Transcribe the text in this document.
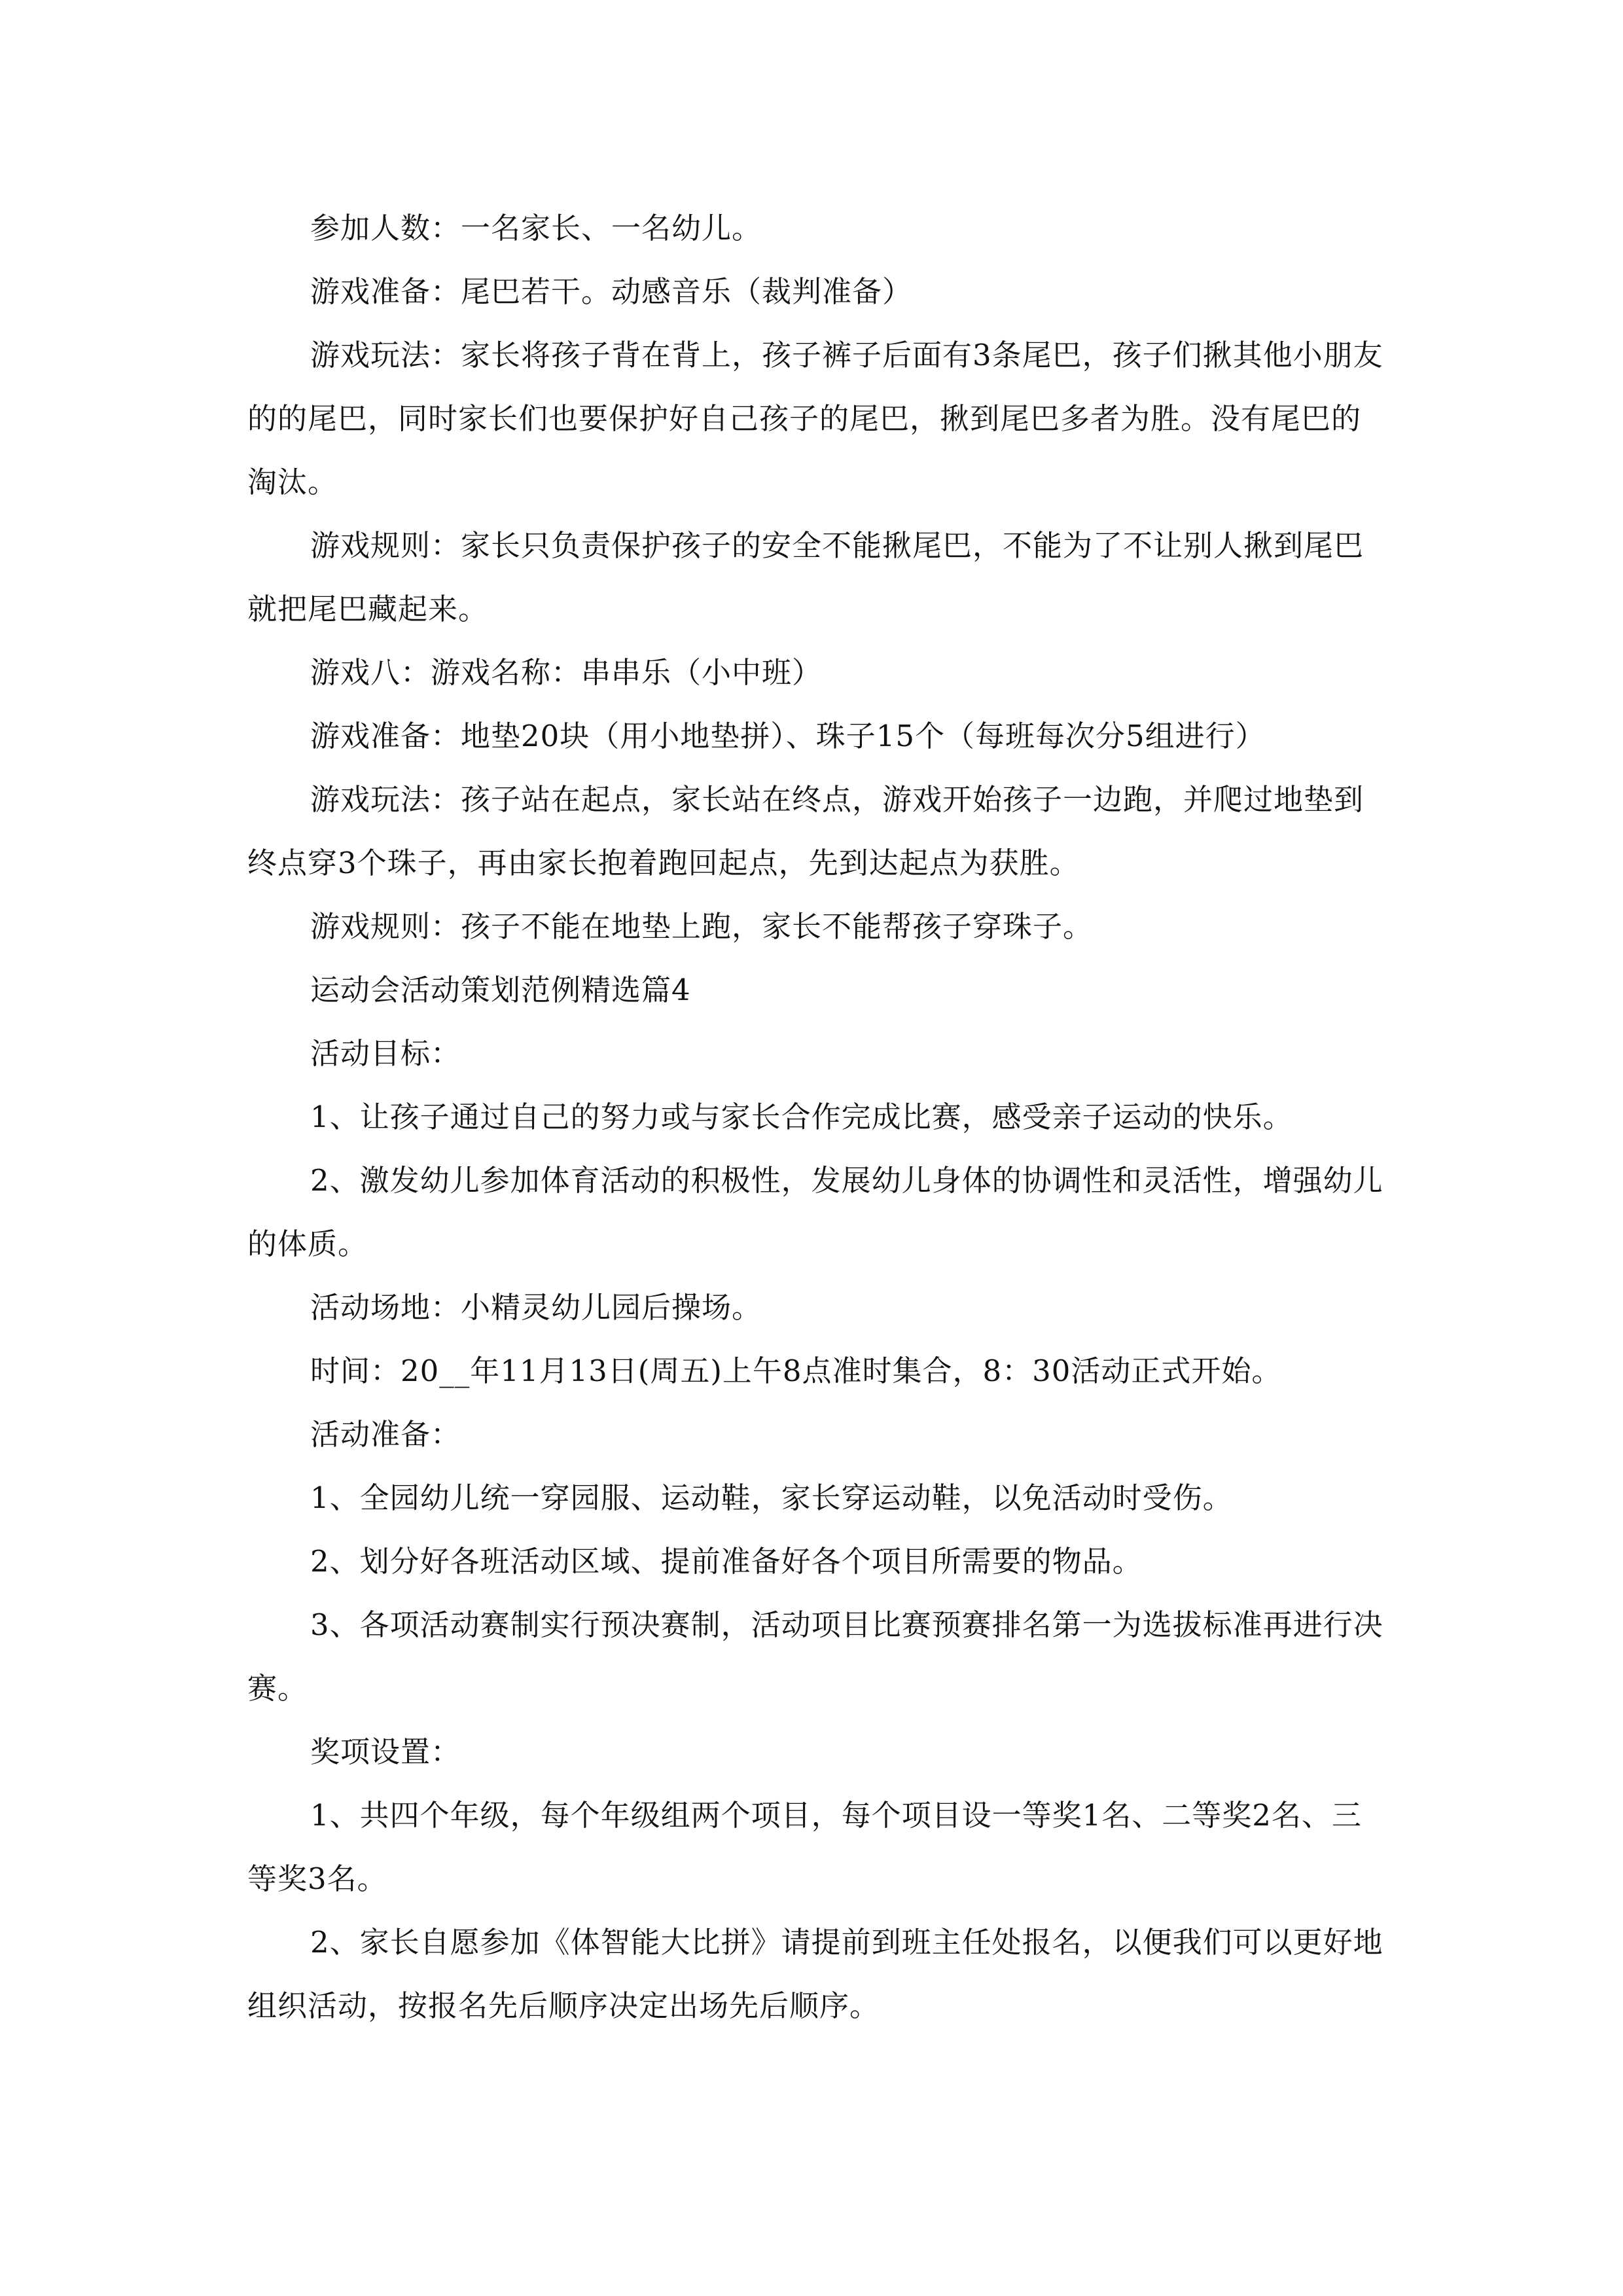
参加人数：一名家长、一名幼儿。

游戏准备：尾巴若干。动感音乐（裁判准备）

游戏玩法：家长将孩子背在背上，孩子裤子后面有3条尾巴，孩子们揪其他小朋友的的尾巴，同时家长们也要保护好自己孩子的尾巴，揪到尾巴多者为胜。没有尾巴的淘汰。

游戏规则：家长只负责保护孩子的安全不能揪尾巴，不能为了不让别人揪到尾巴就把尾巴藏起来。

游戏八：游戏名称：串串乐（小中班）

游戏准备：地垫20块（用小地垫拼）、珠子15个（每班每次分5组进行）

游戏玩法：孩子站在起点，家长站在终点，游戏开始孩子一边跑，并爬过地垫到终点穿3个珠子，再由家长抱着跑回起点，先到达起点为获胜。

游戏规则：孩子不能在地垫上跑，家长不能帮孩子穿珠子。

运动会活动策划范例精选篇4

活动目标：

1、让孩子通过自己的努力或与家长合作完成比赛，感受亲子运动的快乐。

2、激发幼儿参加体育活动的积极性，发展幼儿身体的协调性和灵活性，增强幼儿的体质。

活动场地：小精灵幼儿园后操场。

时间：20__年11月13日(周五)上午8点准时集合，8：30活动正式开始。

活动准备：

1、全园幼儿统一穿园服、运动鞋，家长穿运动鞋，以免活动时受伤。

2、划分好各班活动区域、提前准备好各个项目所需要的物品。

3、各项活动赛制实行预决赛制，活动项目比赛预赛排名第一为选拔标准再进行决赛。

奖项设置：

1、共四个年级，每个年级组两个项目，每个项目设一等奖1名、二等奖2名、三等奖3名。

2、家长自愿参加《体智能大比拼》请提前到班主任处报名，以便我们可以更好地组织活动，按报名先后顺序决定出场先后顺序。
